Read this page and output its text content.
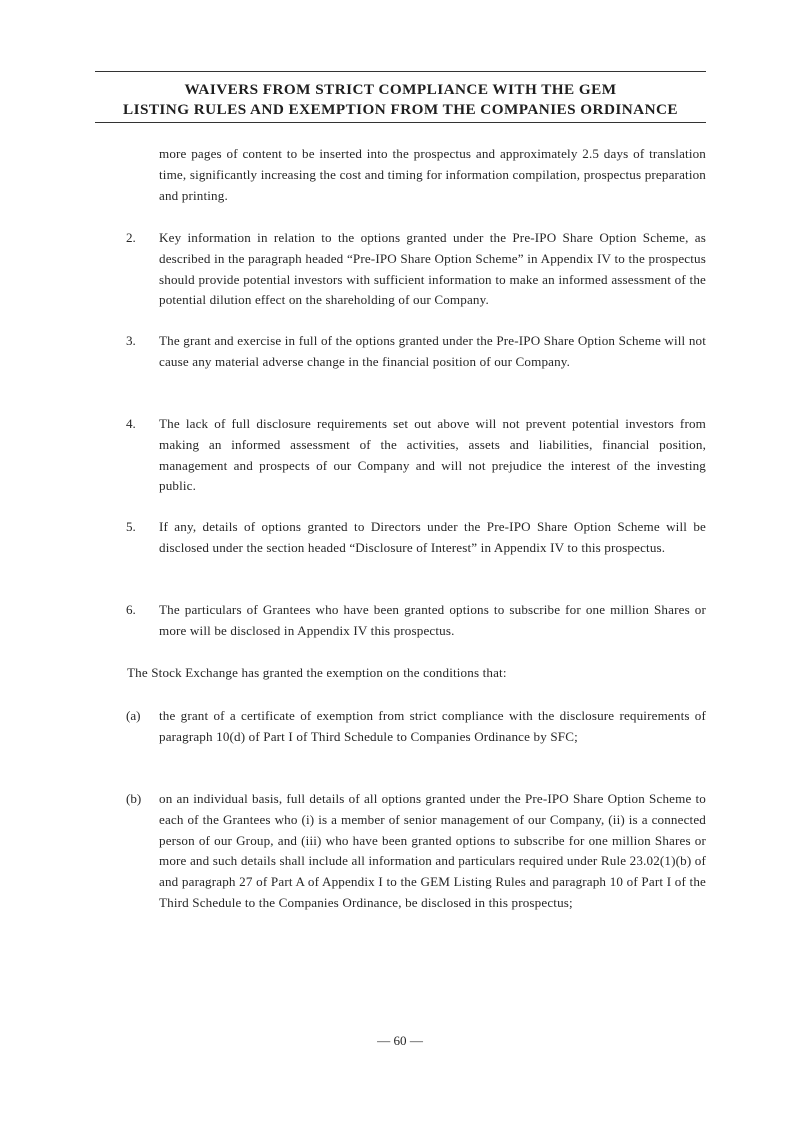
WAIVERS FROM STRICT COMPLIANCE WITH THE GEM
LISTING RULES AND EXEMPTION FROM THE COMPANIES ORDINANCE
more pages of content to be inserted into the prospectus and approximately 2.5 days of translation time, significantly increasing the cost and timing for information compilation, prospectus preparation and printing.
2. Key information in relation to the options granted under the Pre-IPO Share Option Scheme, as described in the paragraph headed “Pre-IPO Share Option Scheme” in Appendix IV to the prospectus should provide potential investors with sufficient information to make an informed assessment of the potential dilution effect on the shareholding of our Company.
3. The grant and exercise in full of the options granted under the Pre-IPO Share Option Scheme will not cause any material adverse change in the financial position of our Company.
4. The lack of full disclosure requirements set out above will not prevent potential investors from making an informed assessment of the activities, assets and liabilities, financial position, management and prospects of our Company and will not prejudice the interest of the investing public.
5. If any, details of options granted to Directors under the Pre-IPO Share Option Scheme will be disclosed under the section headed “Disclosure of Interest” in Appendix IV to this prospectus.
6. The particulars of Grantees who have been granted options to subscribe for one million Shares or more will be disclosed in Appendix IV this prospectus.
The Stock Exchange has granted the exemption on the conditions that:
(a) the grant of a certificate of exemption from strict compliance with the disclosure requirements of paragraph 10(d) of Part I of Third Schedule to Companies Ordinance by SFC;
(b) on an individual basis, full details of all options granted under the Pre-IPO Share Option Scheme to each of the Grantees who (i) is a member of senior management of our Company, (ii) is a connected person of our Group, and (iii) who have been granted options to subscribe for one million Shares or more and such details shall include all information and particulars required under Rule 23.02(1)(b) of and paragraph 27 of Part A of Appendix I to the GEM Listing Rules and paragraph 10 of Part I of the Third Schedule to the Companies Ordinance, be disclosed in this prospectus;
— 60 —
